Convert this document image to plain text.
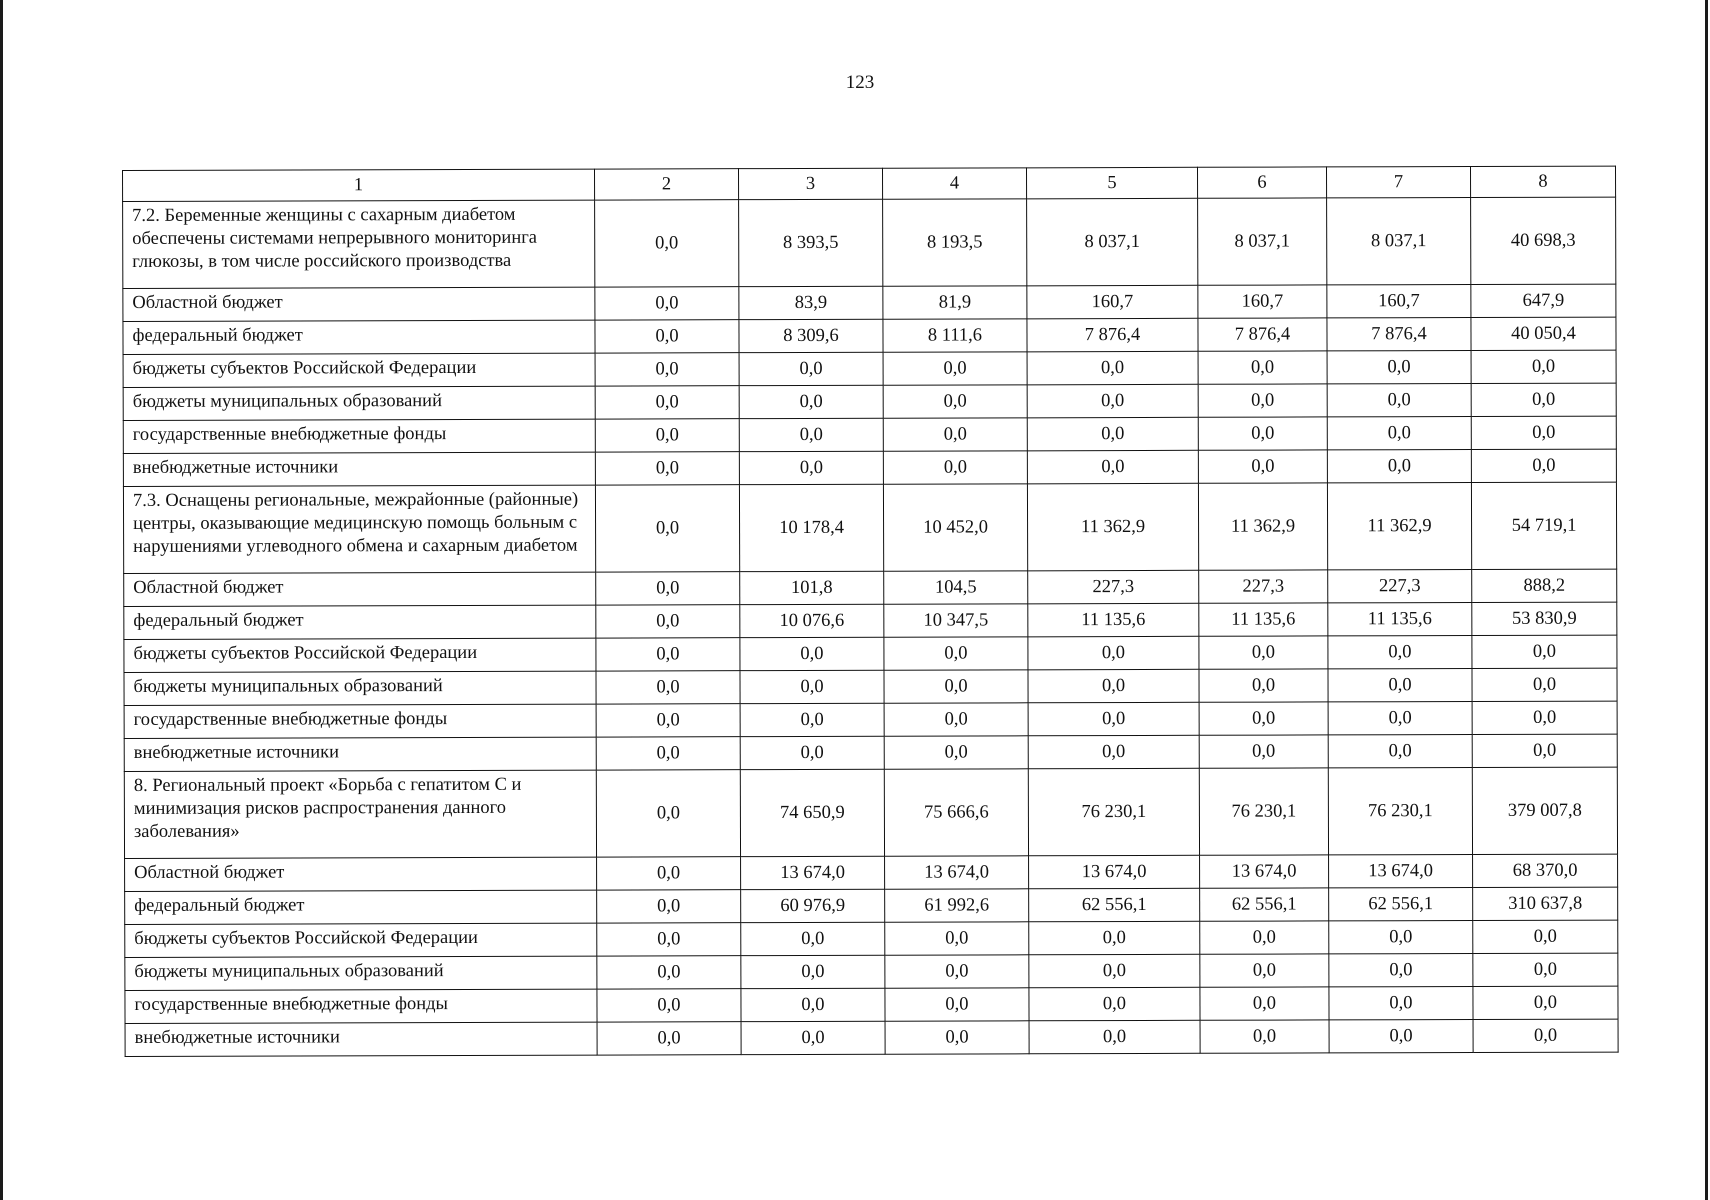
123
1	2	3	4	5	6	7	8
7.2. Беременные женщины с сахарным диабетом обеспечены системами непрерывного мониторинга глюкозы, в том числе российского производства	0,0	8 393,5	8 193,5	8 037,1	8 037,1	8 037,1	40 698,3
Областной бюджет	0,0	83,9	81,9	160,7	160,7	160,7	647,9
федеральный бюджет	0,0	8 309,6	8 111,6	7 876,4	7 876,4	7 876,4	40 050,4
бюджеты субъектов Российской Федерации	0,0	0,0	0,0	0,0	0,0	0,0	0,0
бюджеты муниципальных образований	0,0	0,0	0,0	0,0	0,0	0,0	0,0
государственные внебюджетные фонды	0,0	0,0	0,0	0,0	0,0	0,0	0,0
внебюджетные источники	0,0	0,0	0,0	0,0	0,0	0,0	0,0
7.3. Оснащены региональные, межрайонные (районные) центры, оказывающие медицинскую помощь больным с нарушениями углеводного обмена и сахарным диабетом	0,0	10 178,4	10 452,0	11 362,9	11 362,9	11 362,9	54 719,1
Областной бюджет	0,0	101,8	104,5	227,3	227,3	227,3	888,2
федеральный бюджет	0,0	10 076,6	10 347,5	11 135,6	11 135,6	11 135,6	53 830,9
бюджеты субъектов Российской Федерации	0,0	0,0	0,0	0,0	0,0	0,0	0,0
бюджеты муниципальных образований	0,0	0,0	0,0	0,0	0,0	0,0	0,0
государственные внебюджетные фонды	0,0	0,0	0,0	0,0	0,0	0,0	0,0
внебюджетные источники	0,0	0,0	0,0	0,0	0,0	0,0	0,0
8. Региональный проект «Борьба с гепатитом С и минимизация рисков распространения данного заболевания»	0,0	74 650,9	75 666,6	76 230,1	76 230,1	76 230,1	379 007,8
Областной бюджет	0,0	13 674,0	13 674,0	13 674,0	13 674,0	13 674,0	68 370,0
федеральный бюджет	0,0	60 976,9	61 992,6	62 556,1	62 556,1	62 556,1	310 637,8
бюджеты субъектов Российской Федерации	0,0	0,0	0,0	0,0	0,0	0,0	0,0
бюджеты муниципальных образований	0,0	0,0	0,0	0,0	0,0	0,0	0,0
государственные внебюджетные фонды	0,0	0,0	0,0	0,0	0,0	0,0	0,0
внебюджетные источники	0,0	0,0	0,0	0,0	0,0	0,0	0,0
